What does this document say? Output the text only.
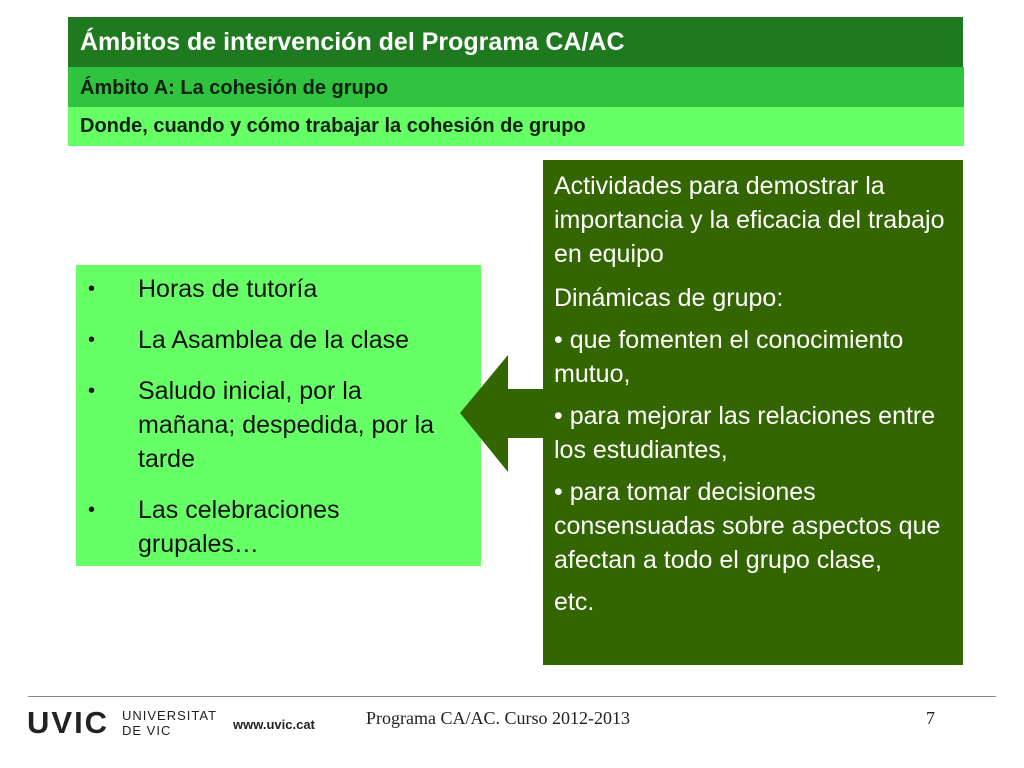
Ámbitos de intervención del Programa CA/AC
Ámbito A: La cohesión de grupo
Donde, cuando y cómo trabajar la cohesión de grupo
• Horas de tutoría
• La Asamblea de la clase
• Saludo inicial, por la mañana; despedida, por la tarde
• Las celebraciones grupales…

Actividades para demostrar la importancia y la eficacia del trabajo en equipo

Dinámicas de grupo:

• que fomenten el conocimiento mutuo,

• para mejorar las relaciones entre los estudiantes,

• para tomar decisiones consensuadas sobre aspectos que afectan a todo el grupo clase,

etc.

UVIC UNIVERSITAT
DE VIC	www.uvic.cat	Programa CA/AC. Curso 2012-2013	7
